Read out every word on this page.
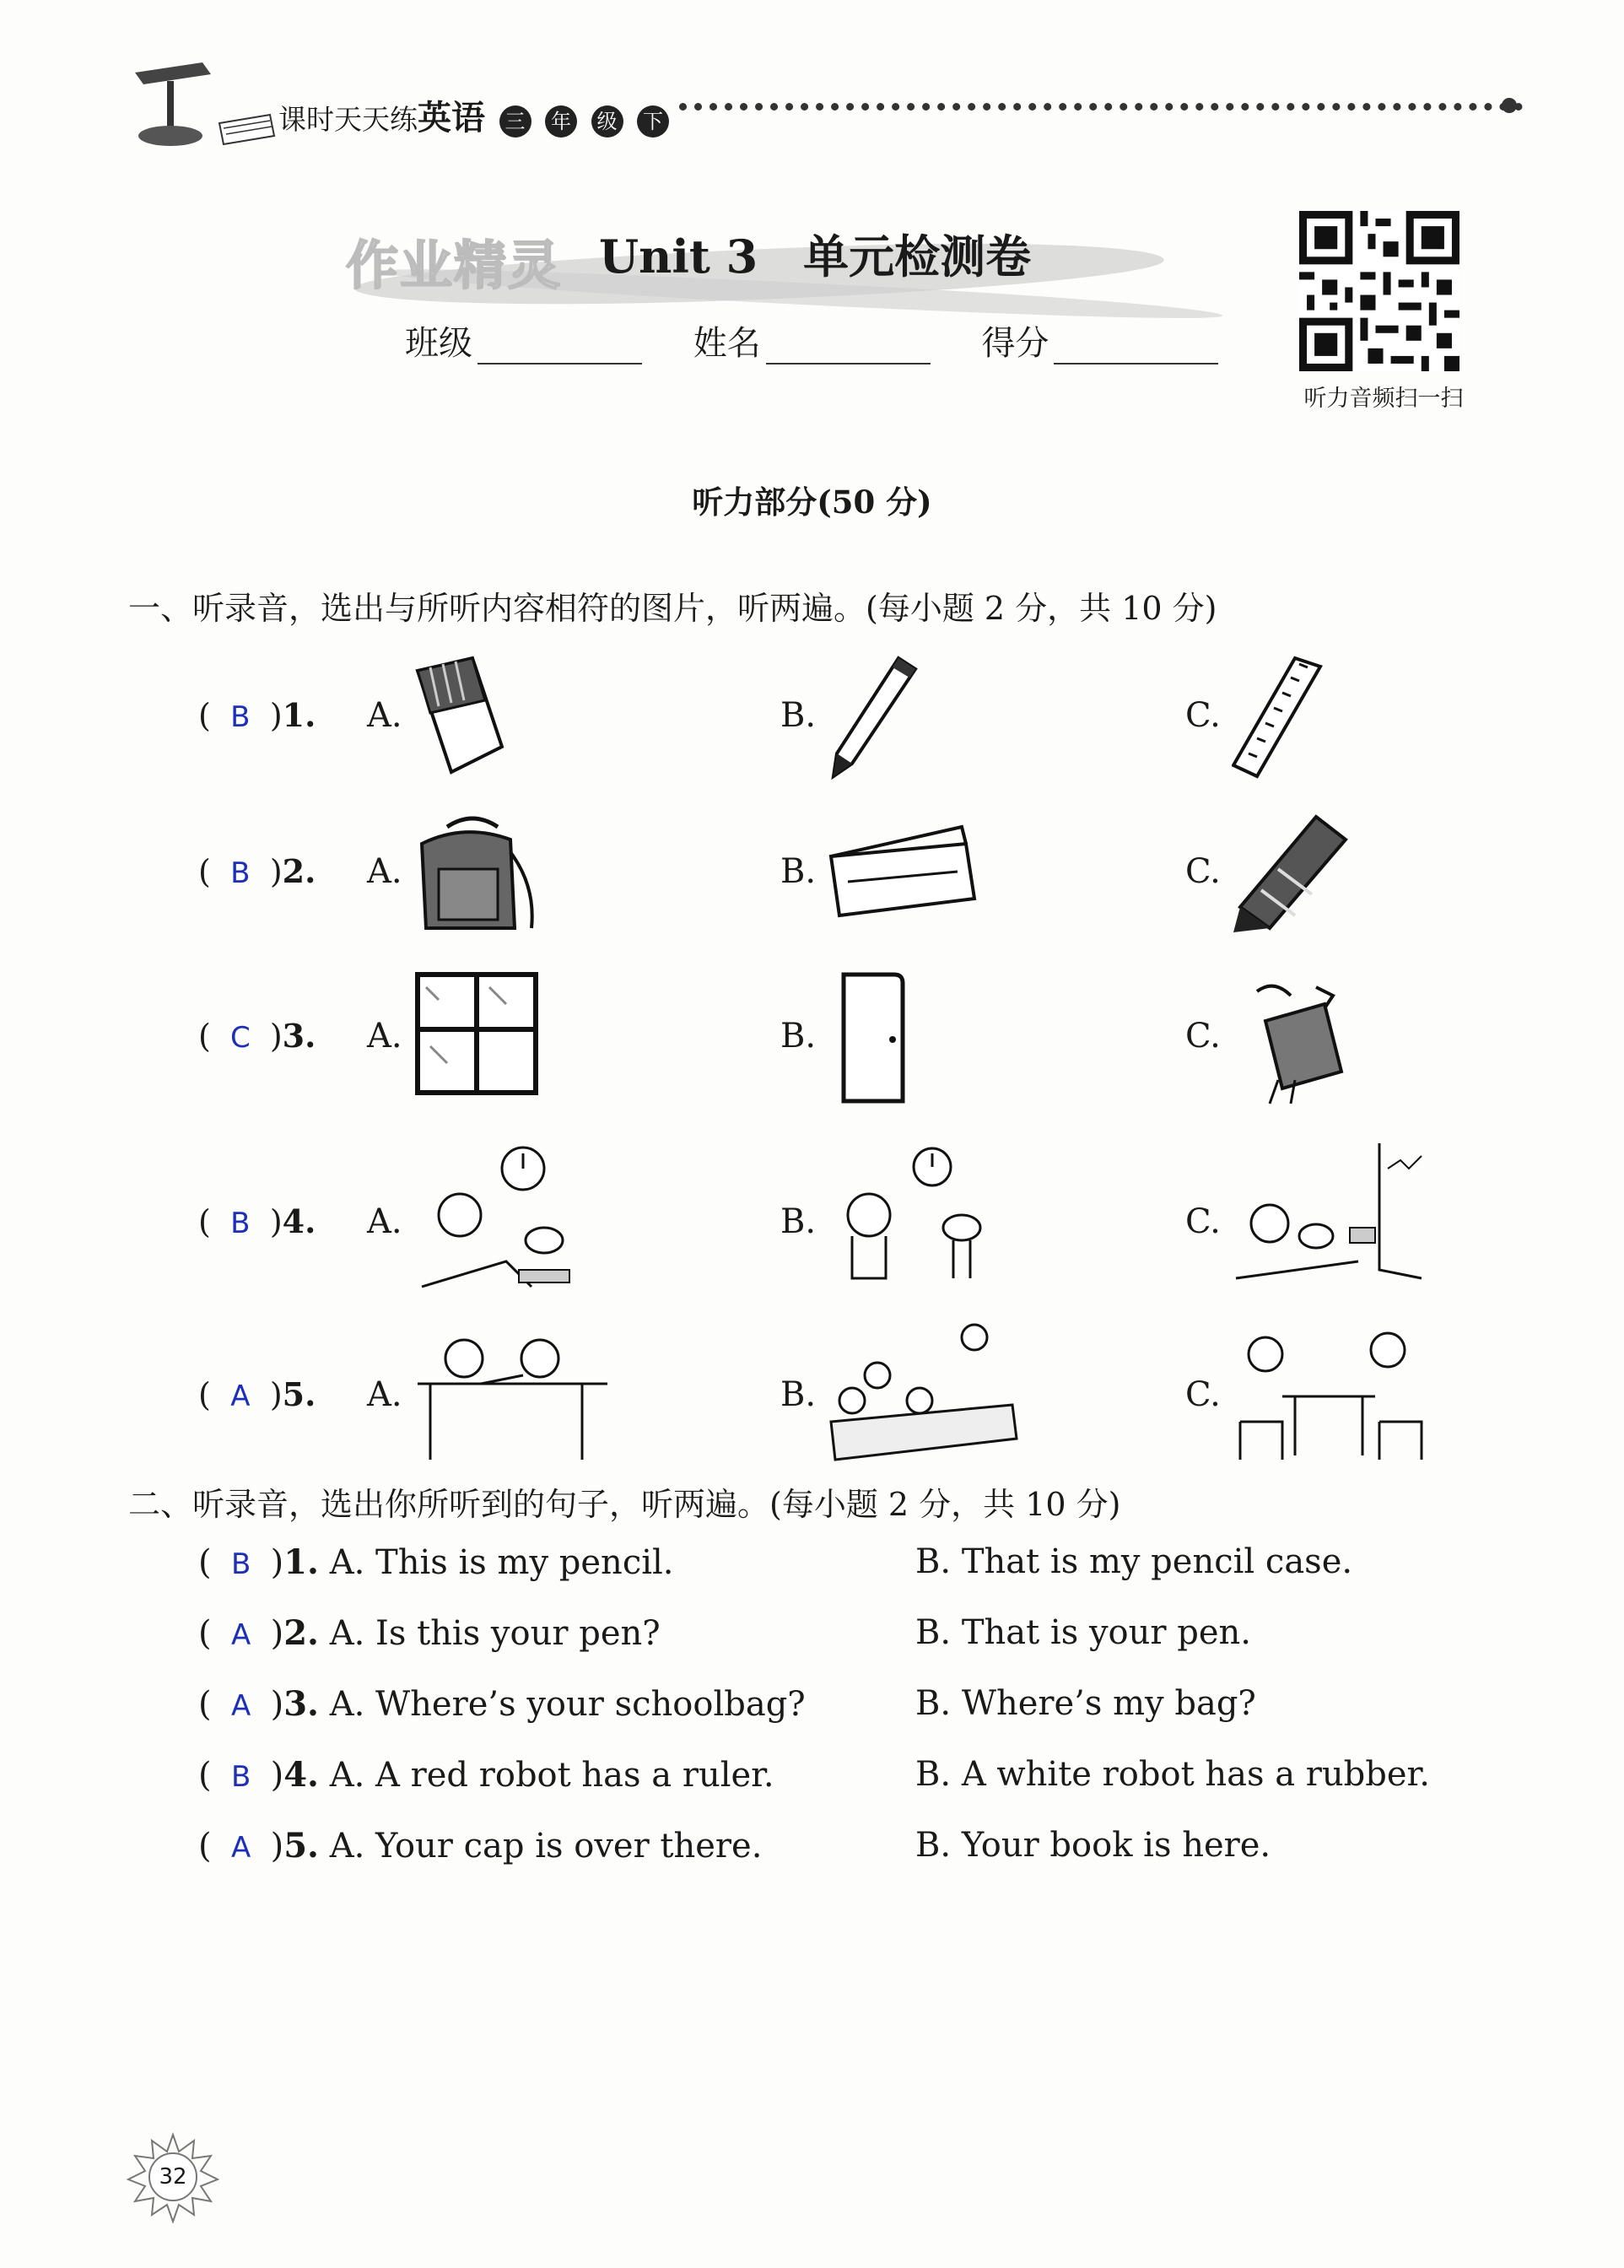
课时天天练英语 三 年 级 下
作业精灵 Unit 3　单元检测卷
班级	姓名	得分
听力音频扫一扫
听力部分(50 分)
一、听录音，选出与所听内容相符的图片，听两遍。(每小题 2 分，共 10 分)
( B )1. A.	B.	C.
( B )2. A.	B.	C.
( C )3. A.	B.	C.
( B )4. A.	B.	C.
( A )5. A.	B.	C.
二、听录音，选出你所听到的句子，听两遍。(每小题 2 分，共 10 分)
( B )1. A. This is my pencil.	B. That is my pencil case.
( A )2. A. Is this your pen?	B. That is your pen.
( A )3. A. Where’s your schoolbag?	B. Where’s my bag?
( B )4. A. A red robot has a ruler.	B. A white robot has a rubber.
( A )5. A. Your cap is over there.	B. Your book is here.
32
